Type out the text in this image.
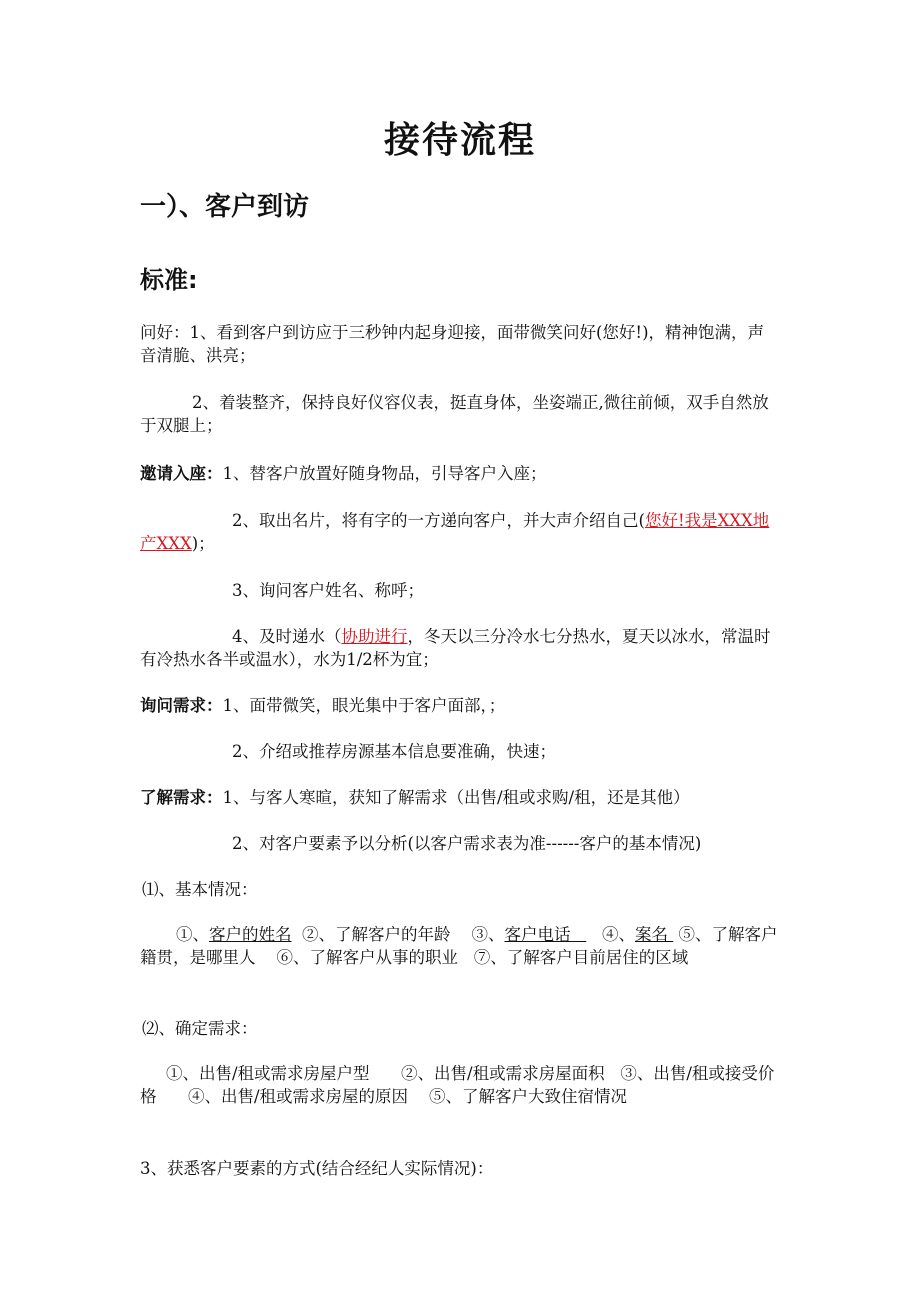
接待流程
一）、客户到访
标准:
问好：1、看到客户到访应于三秒钟内起身迎接，面带微笑问好(您好!)，精神饱满，声音清脆、洪亮；
2、着装整齐，保持良好仪容仪表，挺直身体，坐姿端正,微往前倾，双手自然放于双腿上；
邀请入座：1、替客户放置好随身物品，引导客户入座；
2、取出名片，将有字的一方递向客户，并大声介绍自己(您好!我是XXX地产XXX)；
3、询问客户姓名、称呼；
4、及时递水（协助进行，冬天以三分冷水七分热水，夏天以冰水，常温时有冷热水各半或温水），水为1/2杯为宜；
询问需求：1、面带微笑，眼光集中于客户面部，；
2、介绍或推荐房源基本信息要准确，快速；
了解需求：1、与客人寒暄，获知了解需求（出售/租或求购/租，还是其他）
2、对客户要素予以分析(以客户需求表为准------客户的基本情况)
⑴、基本情况：
①、客户的姓名 ②、了解客户的年龄 ③、客户电话 ④、案名 ⑤、了解客户籍贯，是哪里人 ⑥、了解客户从事的职业 ⑦、了解客户目前居住的区域
⑵、确定需求：
①、出售/租或需求房屋户型 ②、出售/租或需求房屋面积 ③、出售/租或接受价格 ④、出售/租或需求房屋的原因 ⑤、了解客户大致住宿情况
3、获悉客户要素的方式(结合经纪人实际情况)：
